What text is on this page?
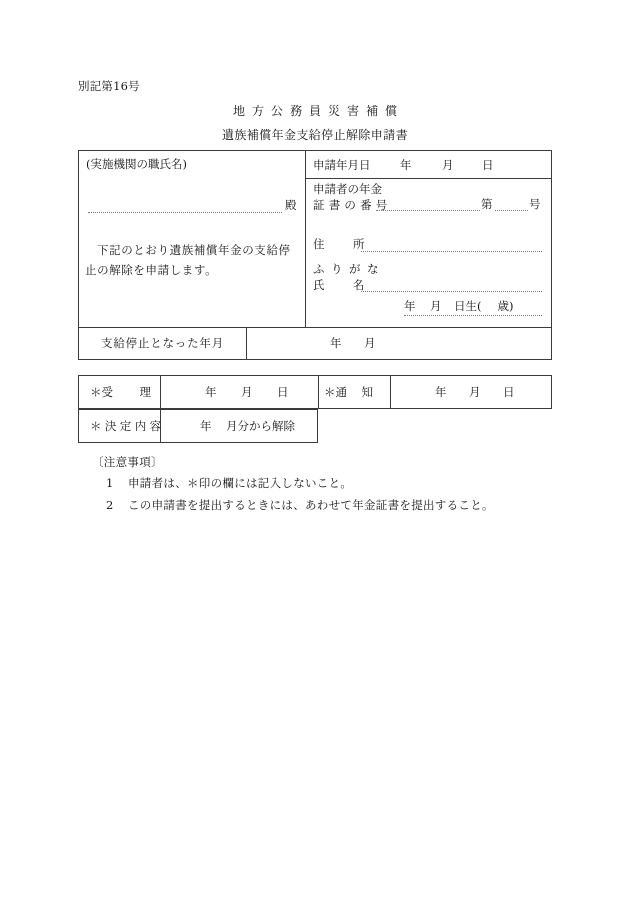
別記第16号
地方公務員災害補償
遺族補償年金支給停止解除申請書
(実施機関の職氏名)
殿
下記のとおり遺族補償年金の支給停止の解除を申請します。
申請年月日	年	月 日
申請者の年金
証書の番号	第	号
住 所
ふりがな
氏 名
年 月 日生( 歳)
支給停止となった年月	年 月
＊受 理	年 月 日	＊通 知	年 月 日
＊決定内容	年 月分から解除
〔注意事項〕
1 申請者は、＊印の欄には記入しないこと。
2 この申請書を提出するときには、あわせて年金証書を提出すること。
